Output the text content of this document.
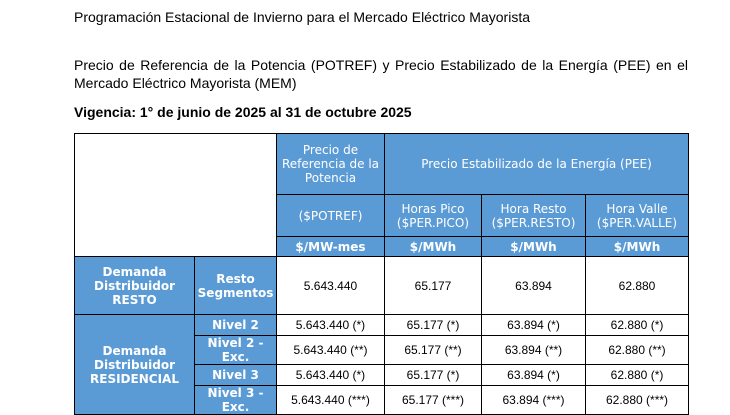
Programación Estacional de Invierno para el Mercado Eléctrico Mayorista
Precio de Referencia de la Potencia (POTREF) y Precio Estabilizado de la Energía (PEE) en el Mercado Eléctrico Mayorista (MEM)
Vigencia: 1° de junio de 2025 al 31 de octubre 2025
		Precio de Referencia de la Potencia	Precio Estabilizado de la Energía (PEE)		
		($POTREF)	Horas Pico ($PER.PICO)	Hora Resto ($PER.RESTO)	Hora Valle ($PER.VALLE)
		$/MW-mes	$/MWh	$/MWh	$/MWh
Demanda Distribuidor RESTO	Resto Segmentos	5.643.440	65.177	63.894	62.880
Demanda Distribuidor RESIDENCIAL	Nivel 2	5.643.440 (*)	65.177 (*)	63.894 (*)	62.880 (*)
	Nivel 2 - Exc.	5.643.440 (**)	65.177 (**)	63.894 (**)	62.880 (**)
	Nivel 3	5.643.440 (*)	65.177 (*)	63.894 (*)	62.880 (*)
	Nivel 3 - Exc.	5.643.440 (***)	65.177 (***)	63.894 (***)	62.880 (***)
